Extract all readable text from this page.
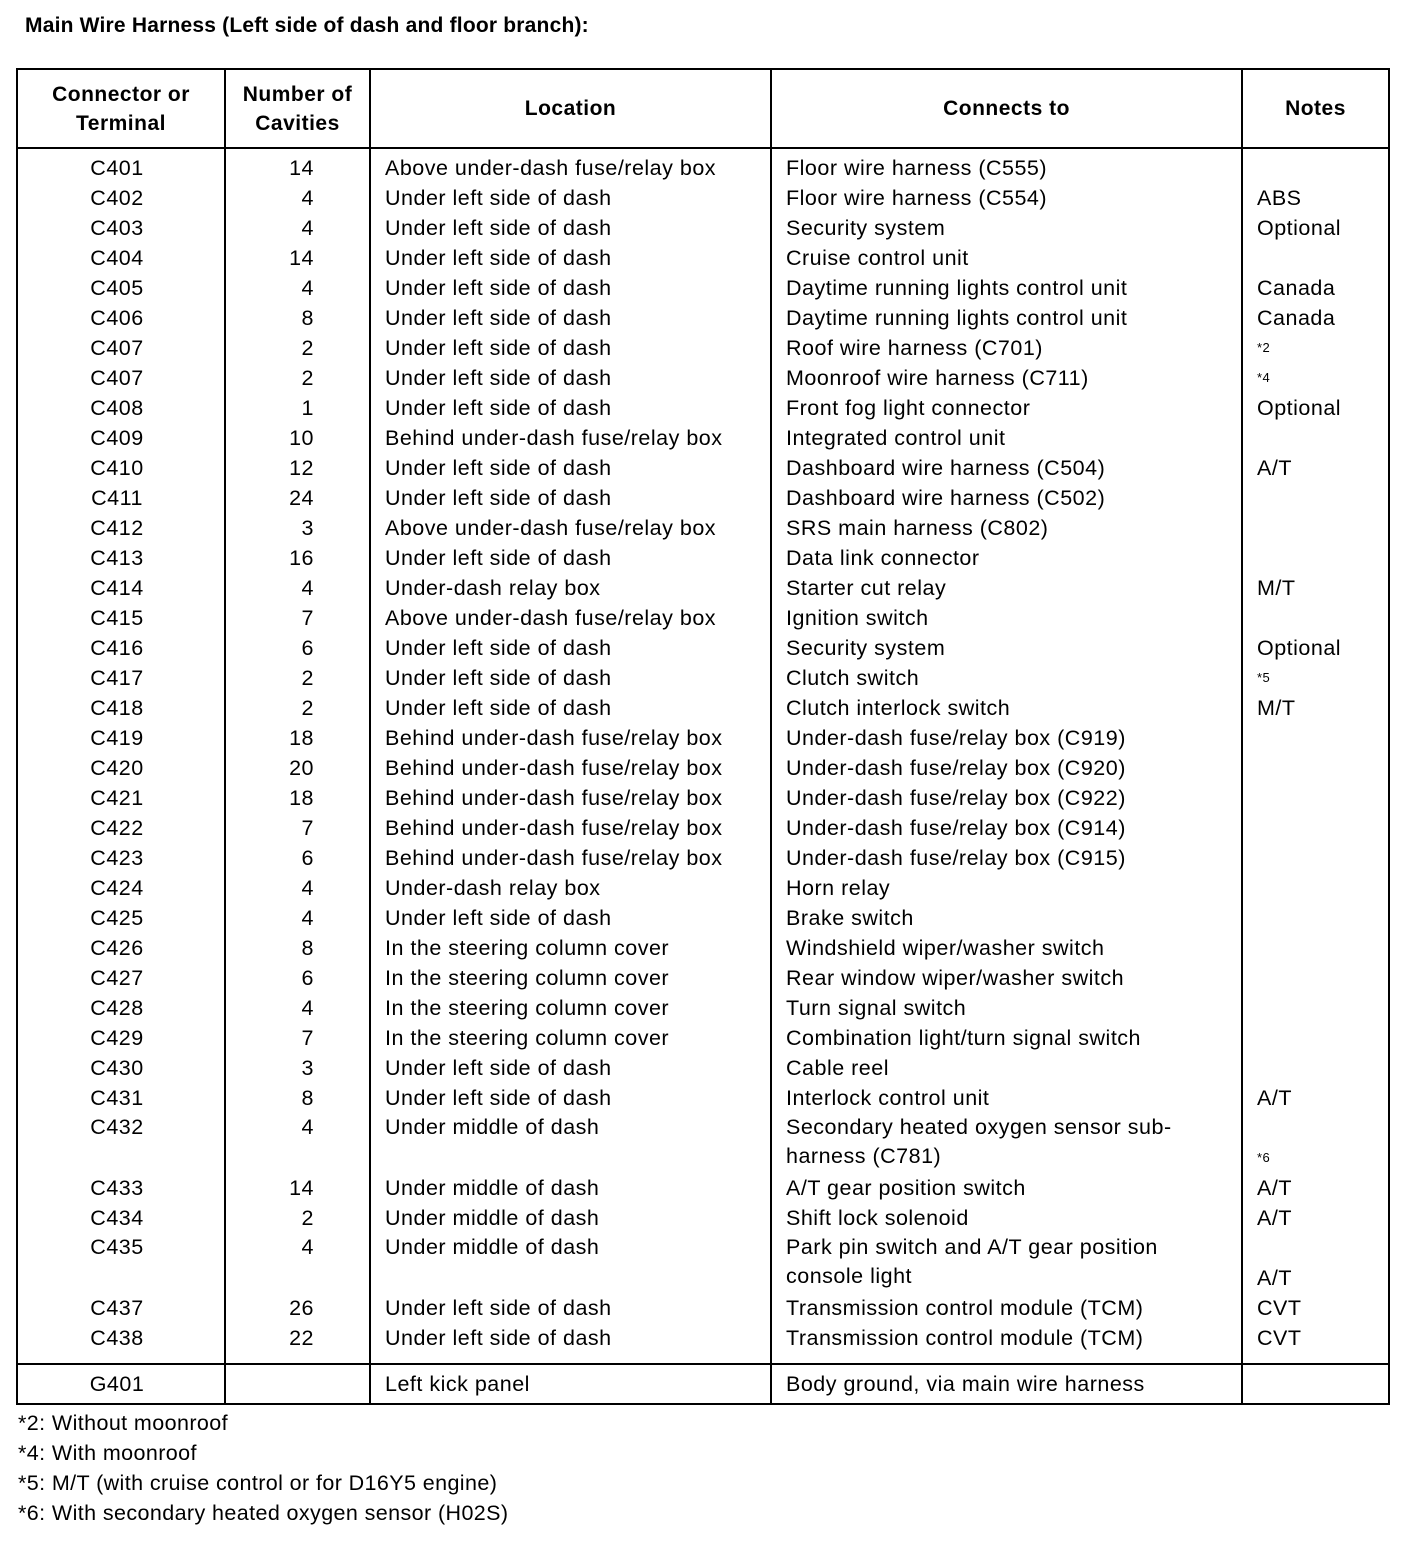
Main Wire Harness (Left side of dash and floor branch):
Connector or Terminal	Number of Cavities	Location	Connects to	Notes
C401	14	Above under-dash fuse/relay box	Floor wire harness (C555)	
C402	4	Under left side of dash	Floor wire harness (C554)	ABS
C403	4	Under left side of dash	Security system	Optional
C404	14	Under left side of dash	Cruise control unit	
C405	4	Under left side of dash	Daytime running lights control unit	Canada
C406	8	Under left side of dash	Daytime running lights control unit	Canada
C407	2	Under left side of dash	Roof wire harness (C701)	*2
C407	2	Under left side of dash	Moonroof wire harness (C711)	*4
C408	1	Under left side of dash	Front fog light connector	Optional
C409	10	Behind under-dash fuse/relay box	Integrated control unit	
C410	12	Under left side of dash	Dashboard wire harness (C504)	A/T
C411	24	Under left side of dash	Dashboard wire harness (C502)	
C412	3	Above under-dash fuse/relay box	SRS main harness (C802)	
C413	16	Under left side of dash	Data link connector	
C414	4	Under-dash relay box	Starter cut relay	M/T
C415	7	Above under-dash fuse/relay box	Ignition switch	
C416	6	Under left side of dash	Security system	Optional
C417	2	Under left side of dash	Clutch switch	*5
C418	2	Under left side of dash	Clutch interlock switch	M/T
C419	18	Behind under-dash fuse/relay box	Under-dash fuse/relay box (C919)	
C420	20	Behind under-dash fuse/relay box	Under-dash fuse/relay box (C920)	
C421	18	Behind under-dash fuse/relay box	Under-dash fuse/relay box (C922)	
C422	7	Behind under-dash fuse/relay box	Under-dash fuse/relay box (C914)	
C423	6	Behind under-dash fuse/relay box	Under-dash fuse/relay box (C915)	
C424	4	Under-dash relay box	Horn relay	
C425	4	Under left side of dash	Brake switch	
C426	8	In the steering column cover	Windshield wiper/washer switch	
C427	6	In the steering column cover	Rear window wiper/washer switch	
C428	4	In the steering column cover	Turn signal switch	
C429	7	In the steering column cover	Combination light/turn signal switch	
C430	3	Under left side of dash	Cable reel	
C431	8	Under left side of dash	Interlock control unit	A/T
C432	4	Under middle of dash	Secondary heated oxygen sensor sub-harness (C781)	*6
C433	14	Under middle of dash	A/T gear position switch	A/T
C434	2	Under middle of dash	Shift lock solenoid	A/T
C435	4	Under middle of dash	Park pin switch and A/T gear position console light	A/T
C437	26	Under left side of dash	Transmission control module (TCM)	CVT
C438	22	Under left side of dash	Transmission control module (TCM)	CVT
G401		Left kick panel	Body ground, via main wire harness	
*2: Without moonroof
*4: With moonroof
*5: M/T (with cruise control or for D16Y5 engine)
*6: With secondary heated oxygen sensor (H02S)
